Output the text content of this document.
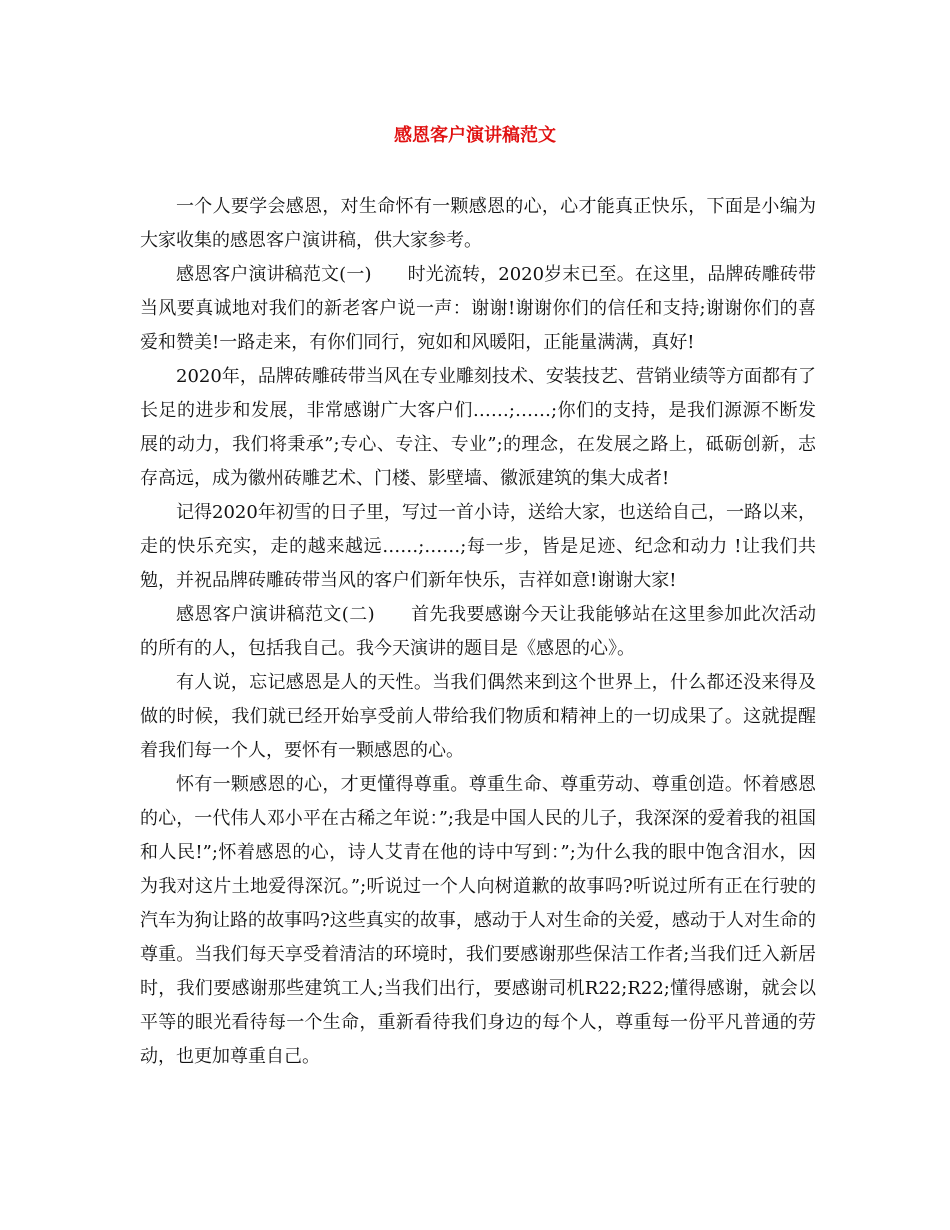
感恩客户演讲稿范文

一个人要学会感恩，对生命怀有一颗感恩的心，心才能真正快乐，下面是小编为大家收集的感恩客户演讲稿，供大家参考。

感恩客户演讲稿范文(一) 时光流转，2020岁末已至。在这里，品牌砖雕砖带当风要真诚地对我们的新老客户说一声：谢谢!谢谢你们的信任和支持;谢谢你们的喜爱和赞美!一路走来，有你们同行，宛如和风暖阳，正能量满满，真好!

2020年，品牌砖雕砖带当风在专业雕刻技术、安装技艺、营销业绩等方面都有了长足的进步和发展，非常感谢广大客户们……;……;你们的支持，是我们源源不断发展的动力，我们将秉承”;专心、专注、专业”;的理念，在发展之路上，砥砺创新，志存高远，成为徽州砖雕艺术、门楼、影壁墙、徽派建筑的集大成者!

记得2020年初雪的日子里，写过一首小诗，送给大家，也送给自己，一路以来，走的快乐充实，走的越来越远……;……;每一步，皆是足迹、纪念和动力 !让我们共勉，并祝品牌砖雕砖带当风的客户们新年快乐，吉祥如意!谢谢大家!

感恩客户演讲稿范文(二) 首先我要感谢今天让我能够站在这里参加此次活动的所有的人，包括我自己。我今天演讲的题目是《感恩的心》。

有人说，忘记感恩是人的天性。当我们偶然来到这个世界上，什么都还没来得及做的时候，我们就已经开始享受前人带给我们物质和精神上的一切成果了。这就提醒着我们每一个人，要怀有一颗感恩的心。

怀有一颗感恩的心，才更懂得尊重。尊重生命、尊重劳动、尊重创造。怀着感恩的心，一代伟人邓小平在古稀之年说：”;我是中国人民的儿子，我深深的爱着我的祖国和人民!”;怀着感恩的心，诗人艾青在他的诗中写到：”;为什么我的眼中饱含泪水，因为我对这片土地爱得深沉。”;听说过一个人向树道歉的故事吗?听说过所有正在行驶的汽车为狗让路的故事吗?这些真实的故事，感动于人对生命的关爱，感动于人对生命的尊重。当我们每天享受着清洁的环境时，我们要感谢那些保洁工作者;当我们迁入新居时，我们要感谢那些建筑工人;当我们出行，要感谢司机R22;R22;懂得感谢，就会以平等的眼光看待每一个生命，重新看待我们身边的每个人，尊重每一份平凡普通的劳动，也更加尊重自己。
